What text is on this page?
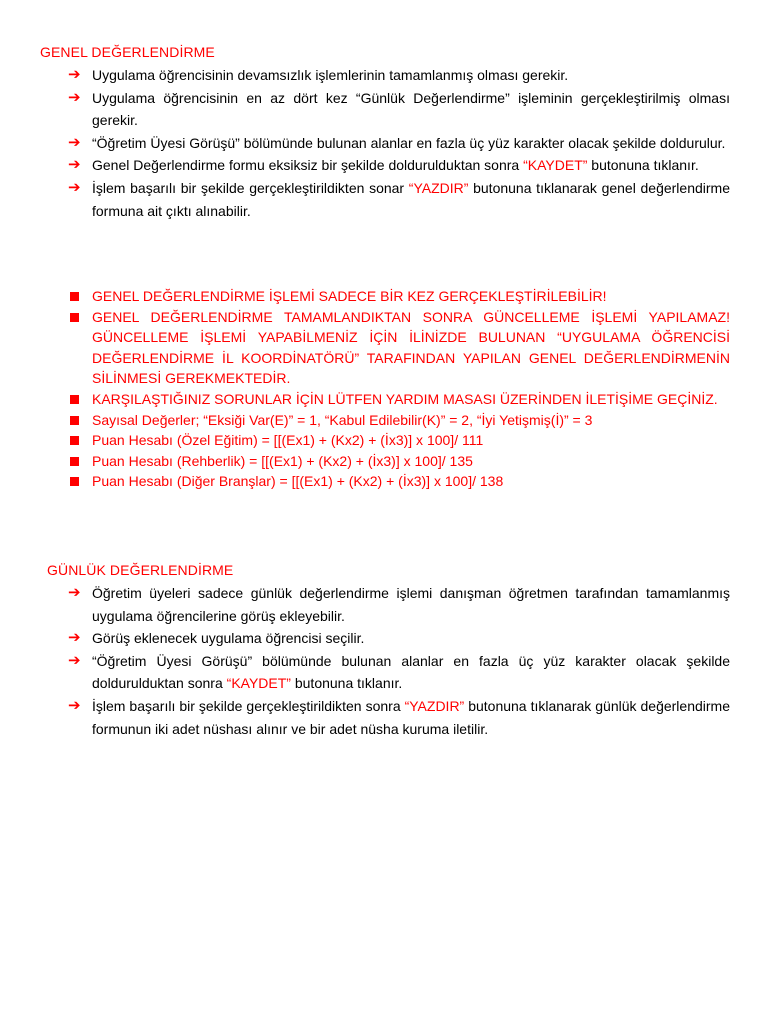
GENEL DEĞERLENDİRME
➔ Uygulama öğrencisinin devamsızlık işlemlerinin tamamlanmış olması gerekir.
➔ Uygulama öğrencisinin en az dört kez “Günlük Değerlendirme” işleminin gerçekleştirilmiş olması gerekir.
➔ “Öğretim Üyesi Görüşü” bölümünde bulunan alanlar en fazla üç yüz karakter olacak şekilde doldurulur.
➔ Genel Değerlendirme formu eksiksiz bir şekilde doldurulduktan sonra “KAYDET” butonuna tıklanır.
➔ İşlem başarılı bir şekilde gerçekleştirildikten sonar “YAZDIR” butonuna tıklanarak genel değerlendirme formuna ait çıktı alınabilir.
GENEL DEĞERLENDİRME İŞLEMİ SADECE BİR KEZ GERÇEKLEŞTİRİLEBİLİR!
GENEL DEĞERLENDİRME TAMAMLANDIKTAN SONRA GÜNCELLEME İŞLEMİ YAPILAMAZ! GÜNCELLEME İŞLEMİ YAPABİLMENİZ İÇİN İLİNİZDE BULUNAN “UYGULAMA ÖĞRENCİSİ DEĞERLENDİRME İL KOORDİNATÖRÜ” TARAFINDAN YAPILAN GENEL DEĞERLENDİRMENİN SİLİNMESİ GEREKMEKTEDİR.
KARŞILAŞTIĞINIZ SORUNLAR İÇİN LÜTFEN YARDIM MASASI ÜZERİNDEN İLETİŞİME GEÇİNİZ.
Sayısal Değerler; “Eksiği Var(E)” = 1, “Kabul Edilebilir(K)” = 2, “İyi Yetişmiş(İ)” = 3
Puan Hesabı (Özel Eğitim) = [[(Ex1) + (Kx2) + (İx3)] x 100]/ 111
Puan Hesabı (Rehberlik) = [[(Ex1) + (Kx2) + (İx3)] x 100]/ 135
Puan Hesabı (Diğer Branşlar) = [[(Ex1) + (Kx2) + (İx3)] x 100]/ 138
GÜNLÜK DEĞERLENDİRME
➔ Öğretim üyeleri sadece günlük değerlendirme işlemi danışman öğretmen tarafından tamamlanmış uygulama öğrencilerine görüş ekleyebilir.
➔ Görüş eklenecek uygulama öğrencisi seçilir.
➔ “Öğretim Üyesi Görüşü” bölümünde bulunan alanlar en fazla üç yüz karakter olacak şekilde doldurulduktan sonra “KAYDET” butonuna tıklanır.
➔ İşlem başarılı bir şekilde gerçekleştirildikten sonra “YAZDIR” butonuna tıklanarak günlük değerlendirme formunun iki adet nüshası alınır ve bir adet nüsha kuruma iletilir.
